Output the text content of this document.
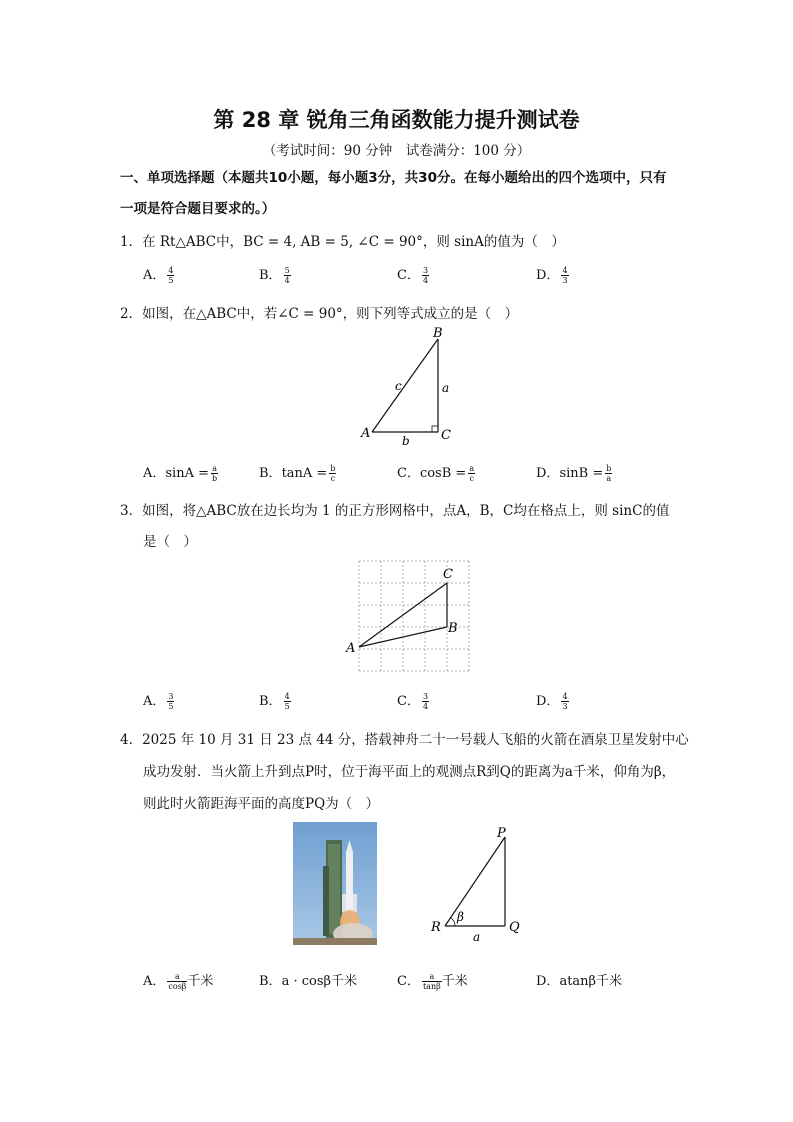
第 28 章 锐角三角函数能力提升测试卷
（考试时间：90 分钟　试卷满分：100 分）
一、单项选择题（本题共10小题，每小题3分，共30分。在每小题给出的四个选项中，只有
一项是符合题目要求的。）
1．在 Rt△ABC中，BC = 4, AB = 5, ∠C = 90°，则 sinA的值为（　）
A． $\frac{4}{5}$	B． $\frac{5}{4}$	C． $\frac{3}{4}$	D． $\frac{4}{3}$
2．如图，在△ABC中，若∠C = 90°，则下列等式成立的是（　）
B
A	C
a
b
c
A．$\sin A = \frac{a}{b}$	B．$\tan A = \frac{b}{c}$	C．$\cos B = \frac{a}{c}$	D．$\sin B = \frac{b}{a}$
3．如图，将△ABC放在边长均为 1 的正方形网格中，点A，B，C均在格点上，则 sinC的值
是（　）
C
B
A
A． $\frac{3}{5}$	B． $\frac{4}{5}$	C． $\frac{3}{4}$	D． $\frac{4}{3}$
4．2025 年 10 月 31 日 23 点 44 分，搭载神舟二十一号载人飞船的火箭在酒泉卫星发射中心
成功发射．当火箭上升到点P时，位于海平面上的观测点R到Q的距离为a千米，仰角为β，
则此时火箭距海平面的高度PQ为（　）
P
R	Q
a
β
A． $\frac{a}{\cos\beta}$ 千米	B．a · cosβ千米	C． $\frac{a}{\tan\beta}$ 千米	D．atanβ千米
